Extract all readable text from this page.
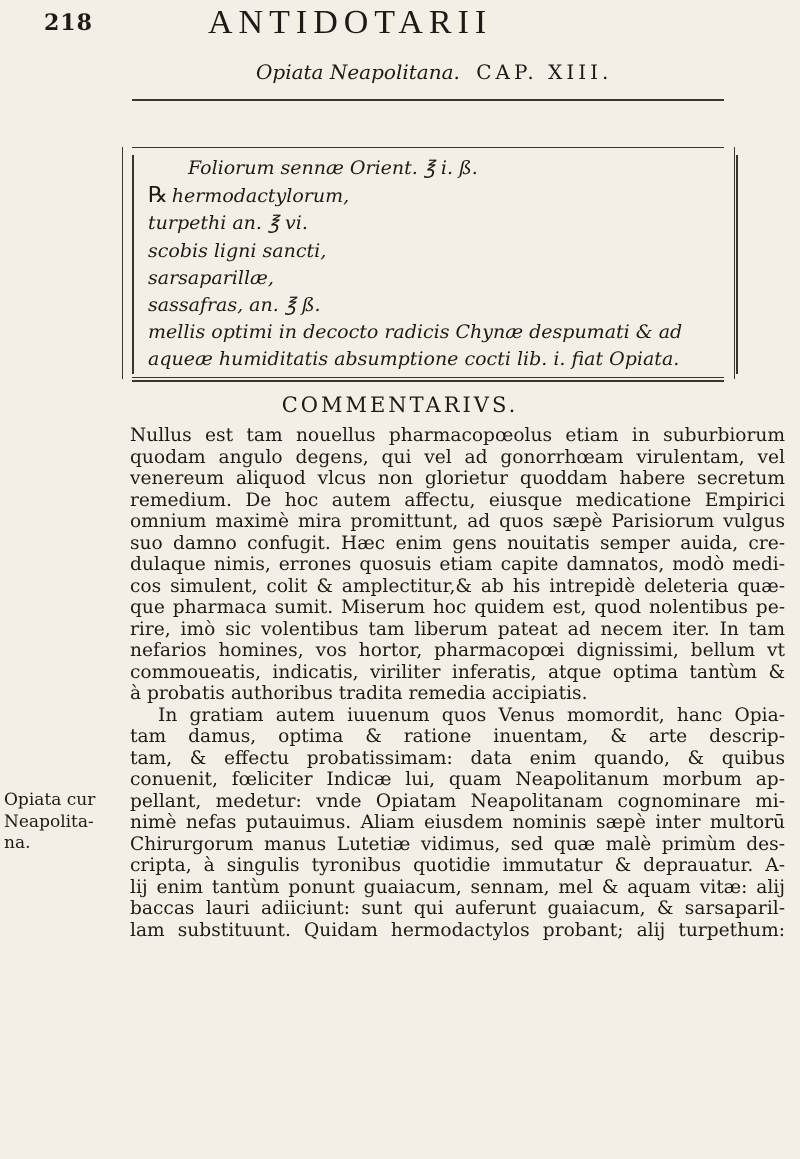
218	ANTIDOTARII
Opiata Neapolitana. CAP. XIII.
Foliorum sennæ Orient. ℥ i. ß.
℞ hermodactylorum,
turpethi an. ℥ vi.
scobis ligni sancti,
sarsaparillæ,
sassafras, an. ℥ ß.
mellis optimi in decocto radicis Chynæ despumati & ad
aqueæ humiditatis absumptione cocti lib. i. fiat Opiata.
COMMENTARIVS.
Nullus est tam nouellus pharmacopœolus etiam in suburbiorum
quodam angulo degens, qui vel ad gonorrhœam virulentam, vel
venereum aliquod vlcus non glorietur quoddam habere secretum
remedium. De hoc autem affectu, eiusque medicatione Empirici
omnium maximè mira promittunt, ad quos sæpè Parisiorum vulgus
suo damno confugit. Hæc enim gens nouitatis semper auida, cre-
dulaque nimis, errones quosuis etiam capite damnatos, modò medi-
cos simulent, colit & amplectitur,& ab his intrepidè deleteria quæ-
que pharmaca sumit. Miserum hoc quidem est, quod nolentibus pe-
rire, imò sic volentibus tam liberum pateat ad necem iter. In tam
nefarios homines, vos hortor, pharmacopœi dignissimi, bellum vt
commoueatis, indicatis, viriliter inferatis, atque optima tantùm &
à probatis authoribus tradita remedia accipiatis.
In gratiam autem iuuenum quos Venus momordit, hanc Opia-
tam damus, optima & ratione inuentam, & arte descrip-
tam, & effectu probatissimam: data enim quando, & quibus
conuenit, fœliciter Indicæ lui, quam Neapolitanum morbum ap-
pellant, medetur: vnde Opiatam Neapolitanam cognominare mi-
nimè nefas putauimus. Aliam eiusdem nominis sæpè inter multorū
Chirurgorum manus Lutetiæ vidimus, sed quæ malè primùm des-
cripta, à singulis tyronibus quotidie immutatur & deprauatur. A-
lij enim tantùm ponunt guaiacum, sennam, mel & aquam vitæ: alij
baccas lauri adiiciunt: sunt qui auferunt guaiacum, & sarsaparil-
lam substituunt. Quidam hermodactylos probant; alij turpethum:
Opiata cur
Neapolita-
na.
